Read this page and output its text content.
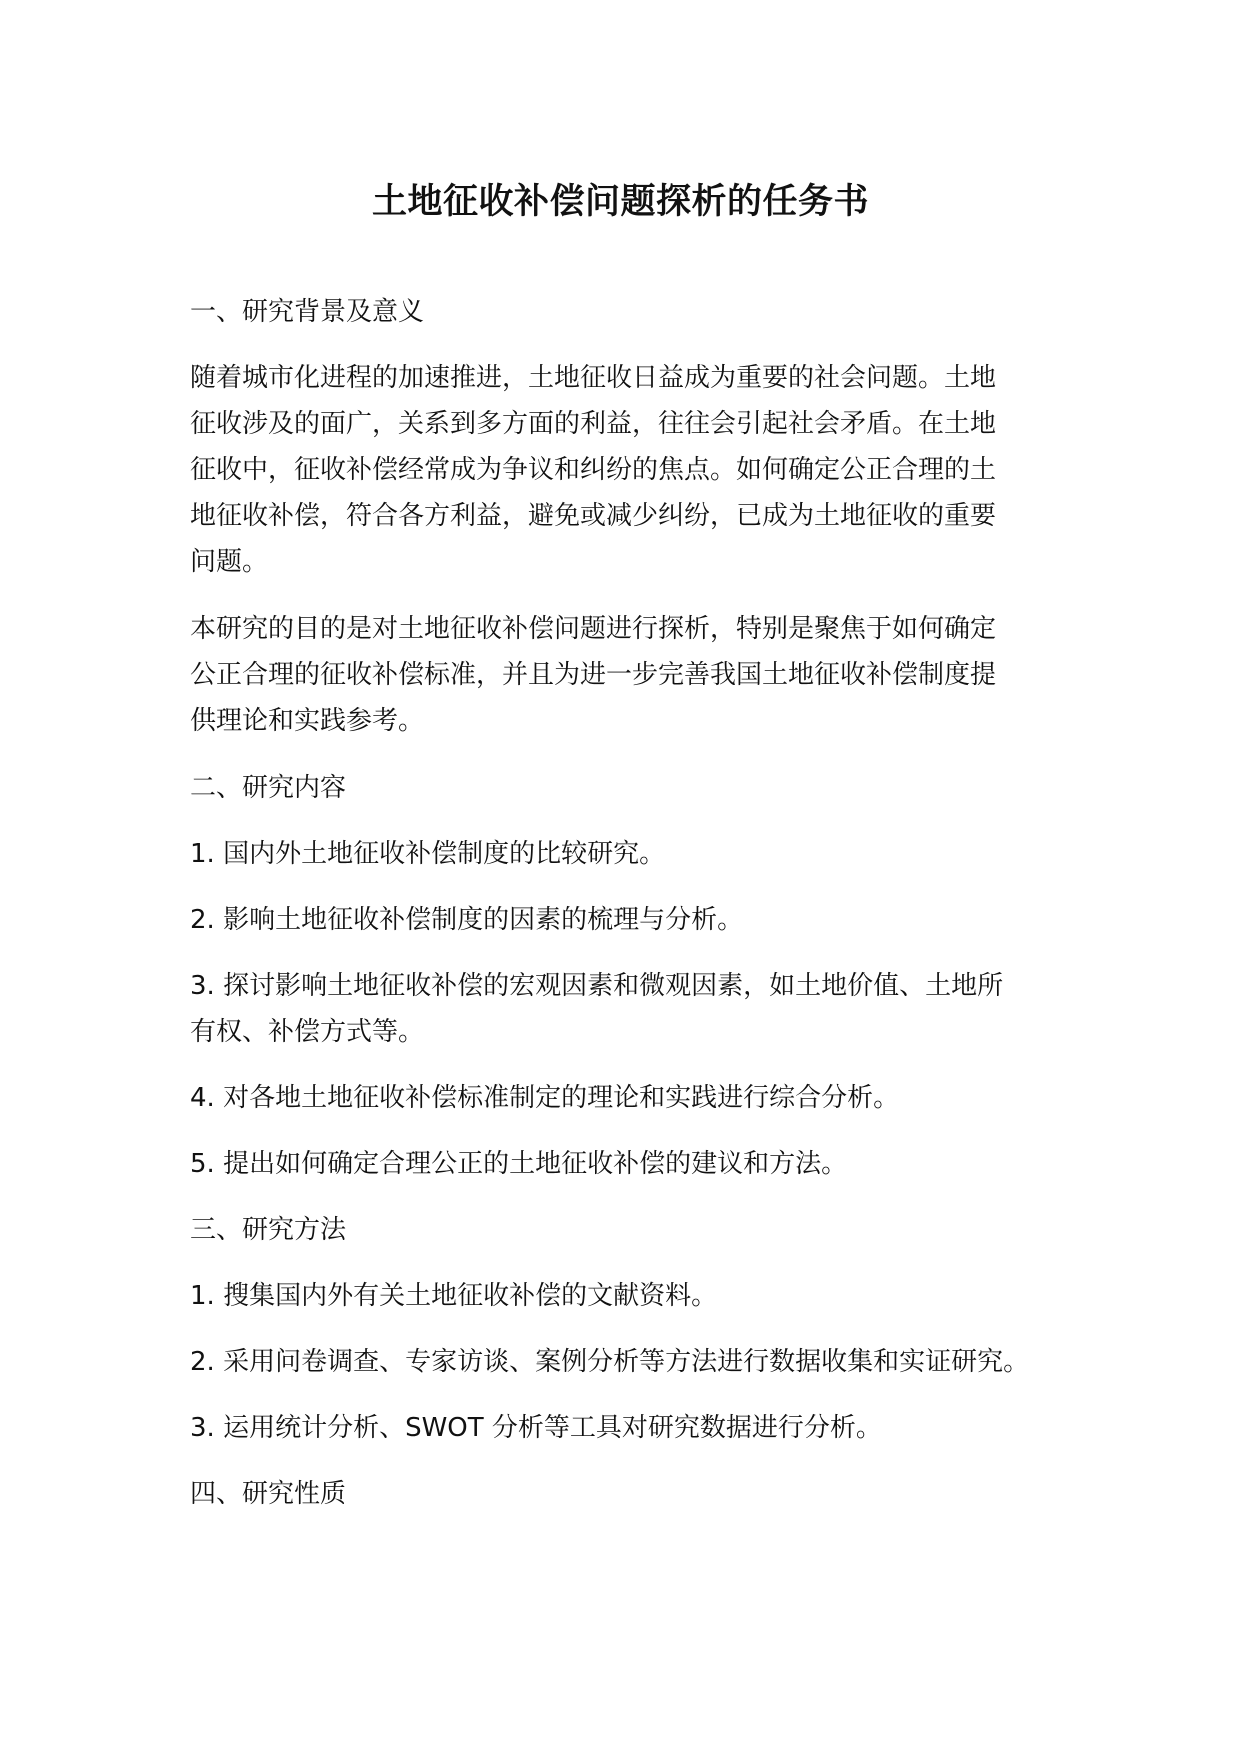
土地征收补偿问题探析的任务书
一、研究背景及意义
随着城市化进程的加速推进，土地征收日益成为重要的社会问题。土地
征收涉及的面广，关系到多方面的利益，往往会引起社会矛盾。在土地
征收中，征收补偿经常成为争议和纠纷的焦点。如何确定公正合理的土
地征收补偿，符合各方利益，避免或减少纠纷，已成为土地征收的重要
问题。
本研究的目的是对土地征收补偿问题进行探析，特别是聚焦于如何确定
公正合理的征收补偿标准，并且为进一步完善我国土地征收补偿制度提
供理论和实践参考。
二、研究内容
1. 国内外土地征收补偿制度的比较研究。
2. 影响土地征收补偿制度的因素的梳理与分析。
3. 探讨影响土地征收补偿的宏观因素和微观因素，如土地价值、土地所
有权、补偿方式等。
4. 对各地土地征收补偿标准制定的理论和实践进行综合分析。
5. 提出如何确定合理公正的土地征收补偿的建议和方法。
三、研究方法
1. 搜集国内外有关土地征收补偿的文献资料。
2. 采用问卷调查、专家访谈、案例分析等方法进行数据收集和实证研究。
3. 运用统计分析、SWOT 分析等工具对研究数据进行分析。
四、研究性质
